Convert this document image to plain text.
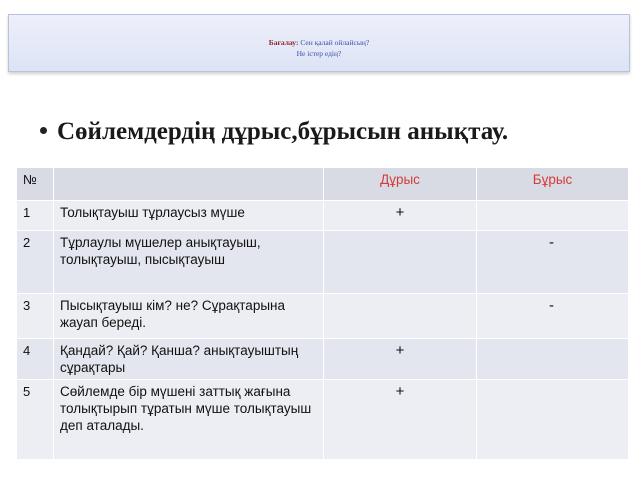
Бағалау: Сен қалай ойлайсың?
Не істер едің?
Сөйлемдердің дұрыс,бұрысын анықтау.
№		Дұрыс	Бұрыс
1	Толықтауыш тұрлаусыз мүше	+	
2	Тұрлаулы мүшелер анықтауыш, толықтауыш, пысықтауыш		-
3	Пысықтауыш кім? не? Сұрақтарына жауап береді.		-
4	Қандай? Қай? Қанша? анықтауыштың сұрақтары	+	
5	Сөйлемде бір мүшені заттық жағына толықтырып тұратын мүше толықтауыш деп аталады.	+	
